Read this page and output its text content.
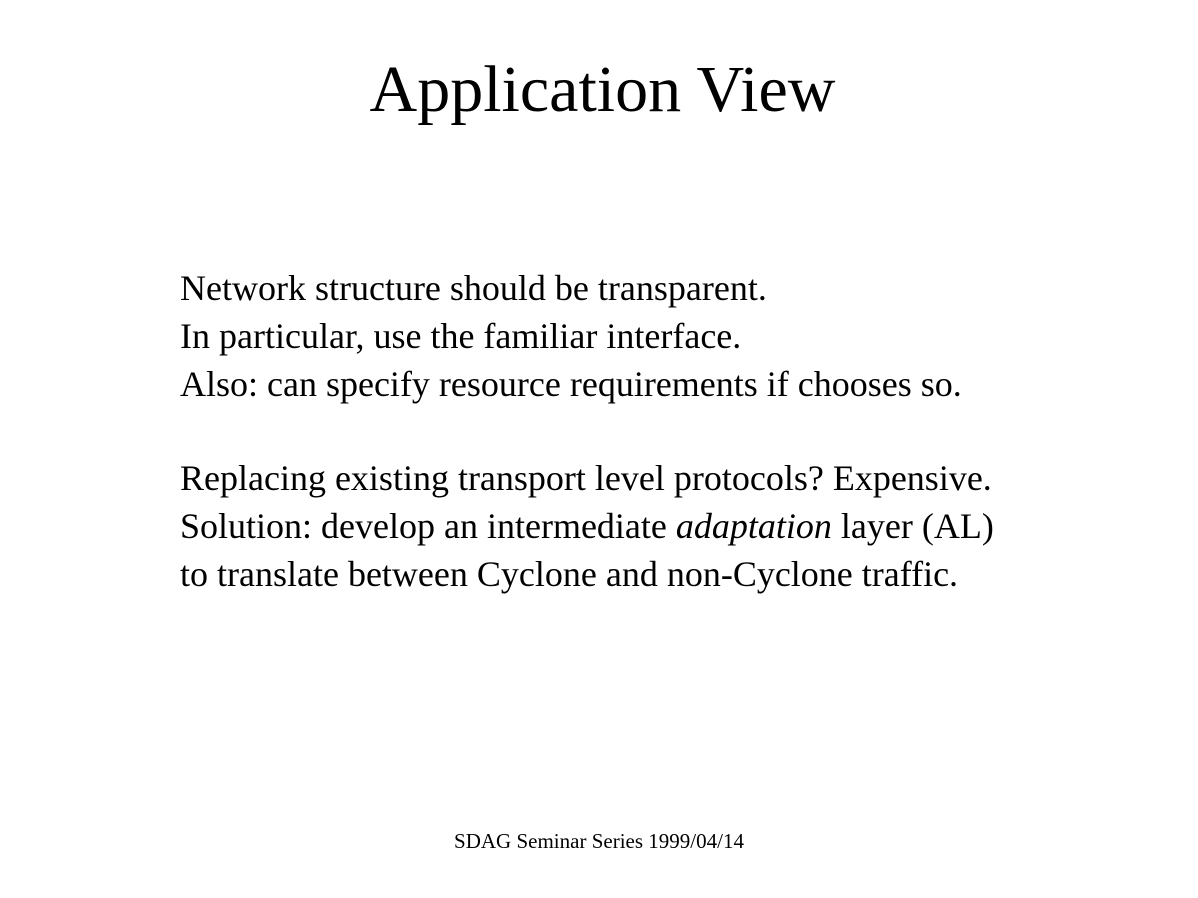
Application View
Network structure should be transparent.
In particular, use the familiar interface.
Also: can specify resource requirements if chooses so.
Replacing existing transport level protocols? Expensive.
Solution: develop an intermediate adaptation layer (AL)
to translate between Cyclone and non-Cyclone traffic.
SDAG Seminar Series 1999/04/14
